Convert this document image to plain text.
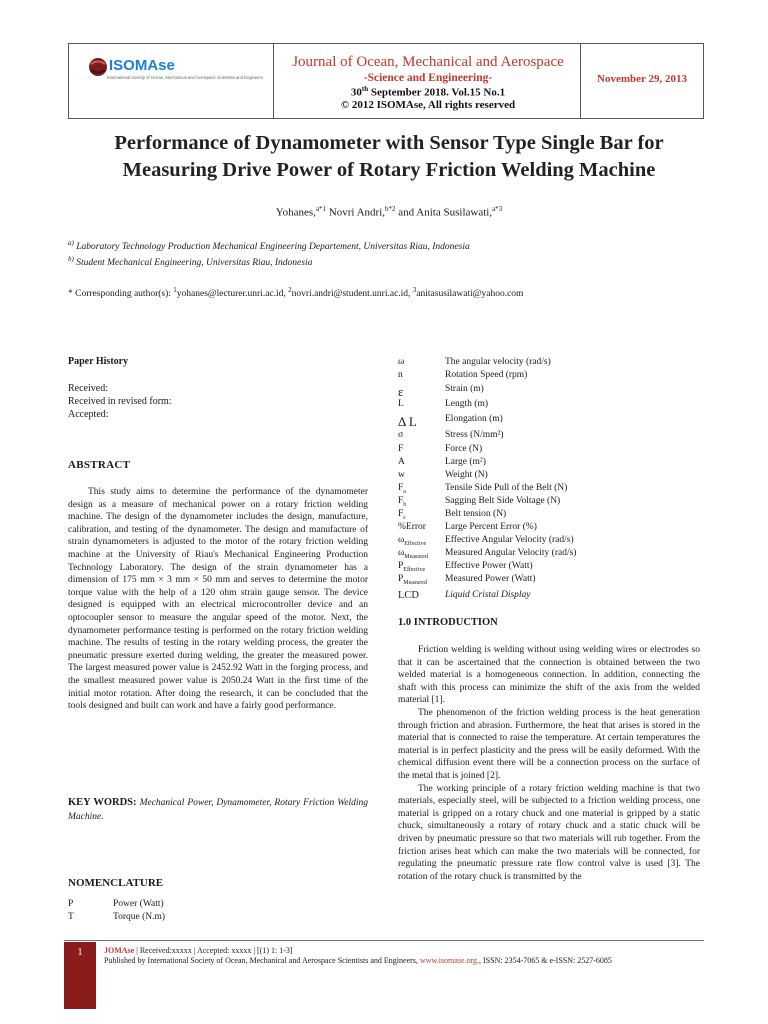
ISOMAse
International Society of Ocean, Mechanical and Aerospace Scientists and Engineers
Journal of Ocean, Mechanical and Aerospace
-Science and Engineering-
30th September 2018. Vol.15 No.1
© 2012 ISOMAse, All rights reserved
November 29, 2013
Performance of Dynamometer with Sensor Type Single Bar for
Measuring Drive Power of Rotary Friction Welding Machine
Yohanes,$^{a*1}$ Novri Andri,$^{b*2}$ and Anita Susilawati,$^{a*3}$
$^{a)}$ Laboratory Technology Production Mechanical Engineering Departement, Universitas Riau, Indonesia
$^{b)}$ Student Mechanical Engineering, Universitas Riau, Indonesia
* Corresponding author(s): $^1$yohanes@lecturer.unri.ac.id, $^2$novri.andri@student.unri.ac.id, $^3$anitasusilawati@yahoo.com
Paper History
Received:
Received in revised form:
Accepted:
ABSTRACT

This study aims to determine the performance of the dynamometer design as a measure of mechanical power on a rotary friction welding machine. The design of the dynamometer includes the design, manufacture, calibration, and testing of the dynamometer. The design and manufacture of strain dynamometers is adjusted to the motor of the rotary friction welding machine at the University of Riau's Mechanical Engineering Production Technology Laboratory. The design of the strain dynamometer has a dimension of 175 mm × 3 mm × 50 mm and serves to determine the motor torque value with the help of a 120 ohm strain gauge sensor. The device designed is equipped with an electrical microcontroller device and an optocoupler sensor to measure the angular speed of the motor. Next, the dynamometer performance testing is performed on the rotary friction welding machine. The results of testing in the rotary welding process, the greater the pneumatic pressure exerted during welding, the greater the measured power. The largest measured power value is 2452.92 Watt in the forging process, and the smallest measured power value is 2050.24 Watt in the first time of the initial motor rotation. After doing the research, it can be concluded that the tools designed and built can work and have a fairly good performance.

KEY WORDS: Mechanical Power, Dynamometer, Rotary Friction Welding Machine.
NOMENCLATURE
P	Power (Watt)
T	Torque (N.m)
ω	The angular velocity (rad/s)
n	Rotation Speed (rpm)
ε	Strain (m)
L	Length (m)
Δ L	Elongation (m)
σ	Stress (N/mm²)
F	Force (N)
A	Large (m²)
w	Weight (N)
$F_a$	Tensile Side Pull of the Belt (N)
$F_b$	Sagging Belt Side Voltage (N)
$F_c$	Belt tension (N)
%Error Large Percent Error (%)
$\omega_{Effective}$ Effective Angular Velocity (rad/s)
$\omega_{Measured}$ Measured Angular Velocity (rad/s)
$P_{Effective}$ Effective Power (Watt)
$P_{Measured}$ Measured Power (Watt)
LCD	Liquid Cristal Display
1.0 INTRODUCTION

Friction welding is welding without using welding wires or electrodes so that it can be ascertained that the connection is obtained between the two welded material is a homogeneous connection. In addition, connecting the shaft with this process can minimize the shift of the axis from the welded material [1].

The phenomenon of the friction welding process is the heat generation through friction and abrasion. Furthermore, the heat that arises is stored in the material that is connected to raise the temperature. At certain temperatures the material is in perfect plasticity and the press will be easily deformed. With the chemical diffusion event there will be a connection process on the surface of the metal that is joined [2].

The working principle of a rotary friction welding machine is that two materials, especially steel, will be subjected to a friction welding process, one material is gripped on a rotary chuck and one material is gripped by a static chuck, simultaneously a rotary of rotary chuck and a static chuck will be driven by pneumatic pressure so that two materials will rub together. From the friction arises heat which can make the two materials will be connected, for regulating the pneumatic pressure rate flow control valve is used [3]. The rotation of the rotary chuck is transmitted by the

1	JOMAse | Received:xxxxx | Accepted: xxxxx | [(1) 1: 1-3]
Published by International Society of Ocean, Mechanical and Aerospace Scientists and Engineers, www.isomase.org., ISSN: 2354-7065 & e-ISSN: 2527-6085
